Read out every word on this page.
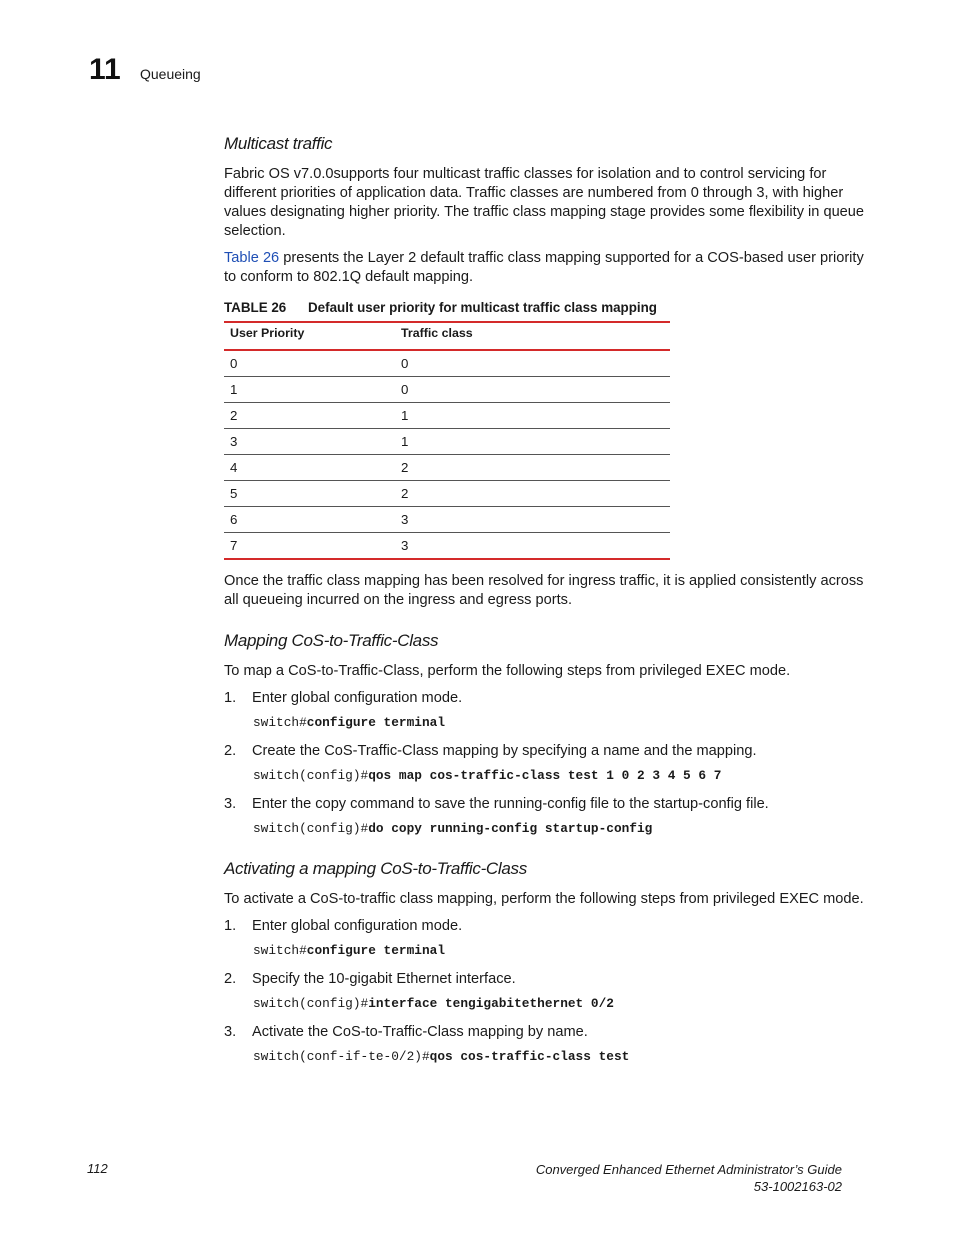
11 Queueing
Multicast traffic

Fabric OS v7.0.0supports four multicast traffic classes for isolation and to control servicing for different priorities of application data. Traffic classes are numbered from 0 through 3, with higher values designating higher priority. The traffic class mapping stage provides some flexibility in queue selection.

Table 26 presents the Layer 2 default traffic class mapping supported for a COS-based user priority to conform to 802.1Q default mapping.

TABLE 26	Default user priority for multicast traffic class mapping
User Priority	Traffic class
0	0
1	0
2	1
3	1
4	2
5	2
6	3
7	3

Once the traffic class mapping has been resolved for ingress traffic, it is applied consistently across all queueing incurred on the ingress and egress ports.

Mapping CoS-to-Traffic-Class

To map a CoS-to-Traffic-Class, perform the following steps from privileged EXEC mode.

1.	Enter global configuration mode.
switch#configure terminal
2.	Create the CoS-Traffic-Class mapping by specifying a name and the mapping.
switch(config)#qos map cos-traffic-class test 1 0 2 3 4 5 6 7
3.	Enter the copy command to save the running-config file to the startup-config file.
switch(config)#do copy running-config startup-config
Activating a mapping CoS-to-Traffic-Class

To activate a CoS-to-traffic class mapping, perform the following steps from privileged EXEC mode.

1.	Enter global configuration mode.
switch#configure terminal
2.	Specify the 10-gigabit Ethernet interface.
switch(config)#interface tengigabitethernet 0/2
3.	Activate the CoS-to-Traffic-Class mapping by name.
switch(conf-if-te-0/2)#qos cos-traffic-class test
112	Converged Enhanced Ethernet Administrator’s Guide
53-1002163-02
